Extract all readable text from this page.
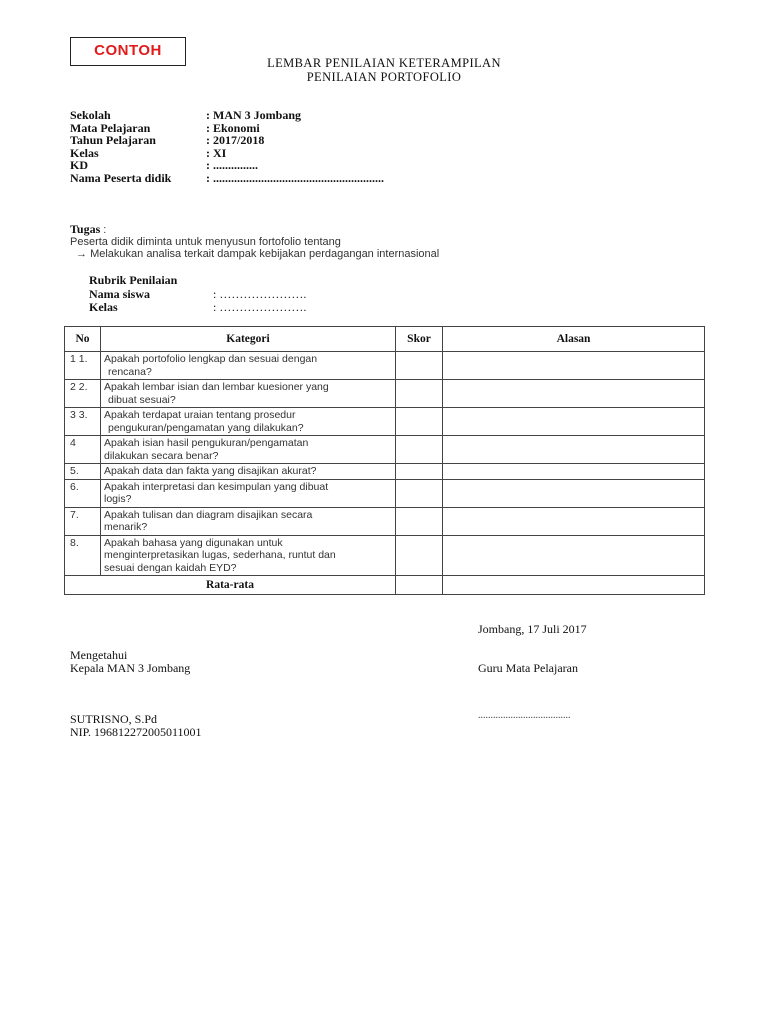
CONTOH
LEMBAR PENILAIAN KETERAMPILAN
PENILAIAN PORTOFOLIO
Sekolah	: MAN 3 Jombang
Mata Pelajaran	: Ekonomi
Tahun Pelajaran	: 2017/2018
Kelas	: XI
KD	: ...............
Nama Peserta didik	: .........................................................
Tugas :
Peserta didik diminta untuk menyusun fortofolio tentang
→ Melakukan analisa terkait dampak kebijakan perdagangan internasional
Rubrik Penilaian
Nama siswa	: ………………….
Kelas	: ………………….
No	Kategori	Skor	Alasan
1 1.	Apakah portofolio lengkap dan sesuai dengan
rencana?		

2 2.	Apakah lembar isian dan lembar kuesioner yang
dibuat sesuai?		

3 3.	Apakah terdapat uraian tentang prosedur
pengukuran/pengamatan yang dilakukan?		

4	Apakah isian hasil pengukuran/pengamatan
dilakukan secara benar?		

5.	Apakah data dan fakta yang disajikan akurat?		

6.	Apakah interpretasi dan kesimpulan yang dibuat
logis?		

7.	Apakah tulisan dan diagram disajikan secara
menarik?		

8.	Apakah bahasa yang digunakan untuk
menginterpretasikan lugas, sederhana, runtut dan
sesuai dengan kaidah EYD?		

Rata-rata			
Jombang, 17 Juli 2017
Mengetahui
Kepala MAN 3 Jombang	Guru Mata Pelajaran
SUTRISNO, S.Pd	.....................................
NIP. 196812272005011001
